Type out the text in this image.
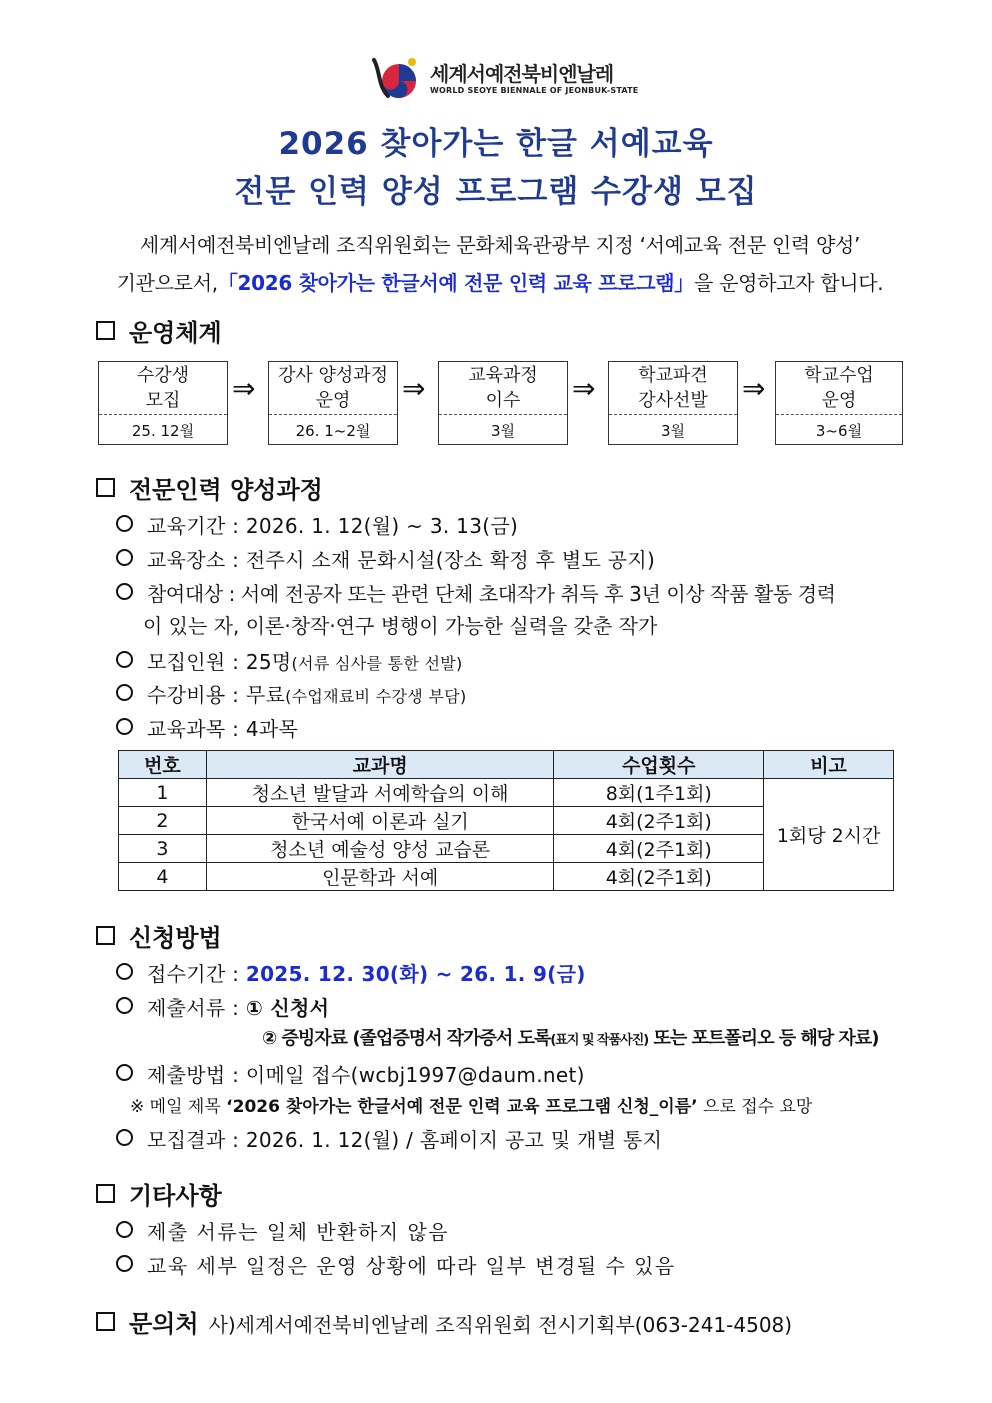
세계서예전북비엔날레
WORLD SEOYE BIENNALE OF JEONBUK-STATE
2026 찾아가는 한글 서예교육
전문 인력 양성 프로그램 수강생 모집
세계서예전북비엔날레 조직위원회는 문화체육관광부 지정 ‘서예교육 전문 인력 양성’
기관으로서,「2026 찾아가는 한글서예 전문 인력 교육 프로그램」을 운영하고자 합니다.
운영체계
수강생
모집
25. 12월
⇒	강사 양성과정
운영
26. 1~2월
⇒	교육과정
이수
3월
⇒	학교파견
강사선발
3월
⇒	학교수업
운영
3~6월
전문인력 양성과정
교육기간 : 2026. 1. 12(월) ~ 3. 13(금)
교육장소 : 전주시 소재 문화시설(장소 확정 후 별도 공지)
참여대상 : 서예 전공자 또는 관련 단체 초대작가 취득 후 3년 이상 작품 활동 경력
이 있는 자, 이론·창작·연구 병행이 가능한 실력을 갖춘 작가
모집인원 : 25명(서류 심사를 통한 선발)
수강비용 : 무료(수업재료비 수강생 부담)
교육과목 : 4과목
번호	교과명	수업횟수	비고
1	청소년 발달과 서예학습의 이해	8회(1주1회)	1회당 2시간
2	한국서예 이론과 실기	4회(2주1회)	
3	청소년 예술성 양성 교습론	4회(2주1회)	
4	인문학과 서예	4회(2주1회)	
신청방법
접수기간 : 2025. 12. 30(화) ~ 26. 1. 9(금)
제출서류 : ① 신청서
② 증빙자료 (졸업증명서 작가증서 도록(표지 및 작품사진) 또는 포트폴리오 등 해당 자료)
제출방법 : 이메일 접수(wcbj1997@daum.net)
※ 메일 제목 ‘2026 찾아가는 한글서예 전문 인력 교육 프로그램 신청_이름’ 으로 접수 요망
모집결과 : 2026. 1. 12(월) / 홈페이지 공고 및 개별 통지
기타사항
제출 서류는 일체 반환하지 않음
교육 세부 일정은 운영 상황에 따라 일부 변경될 수 있음
문의처 사)세계서예전북비엔날레 조직위원회 전시기획부(063-241-4508)
